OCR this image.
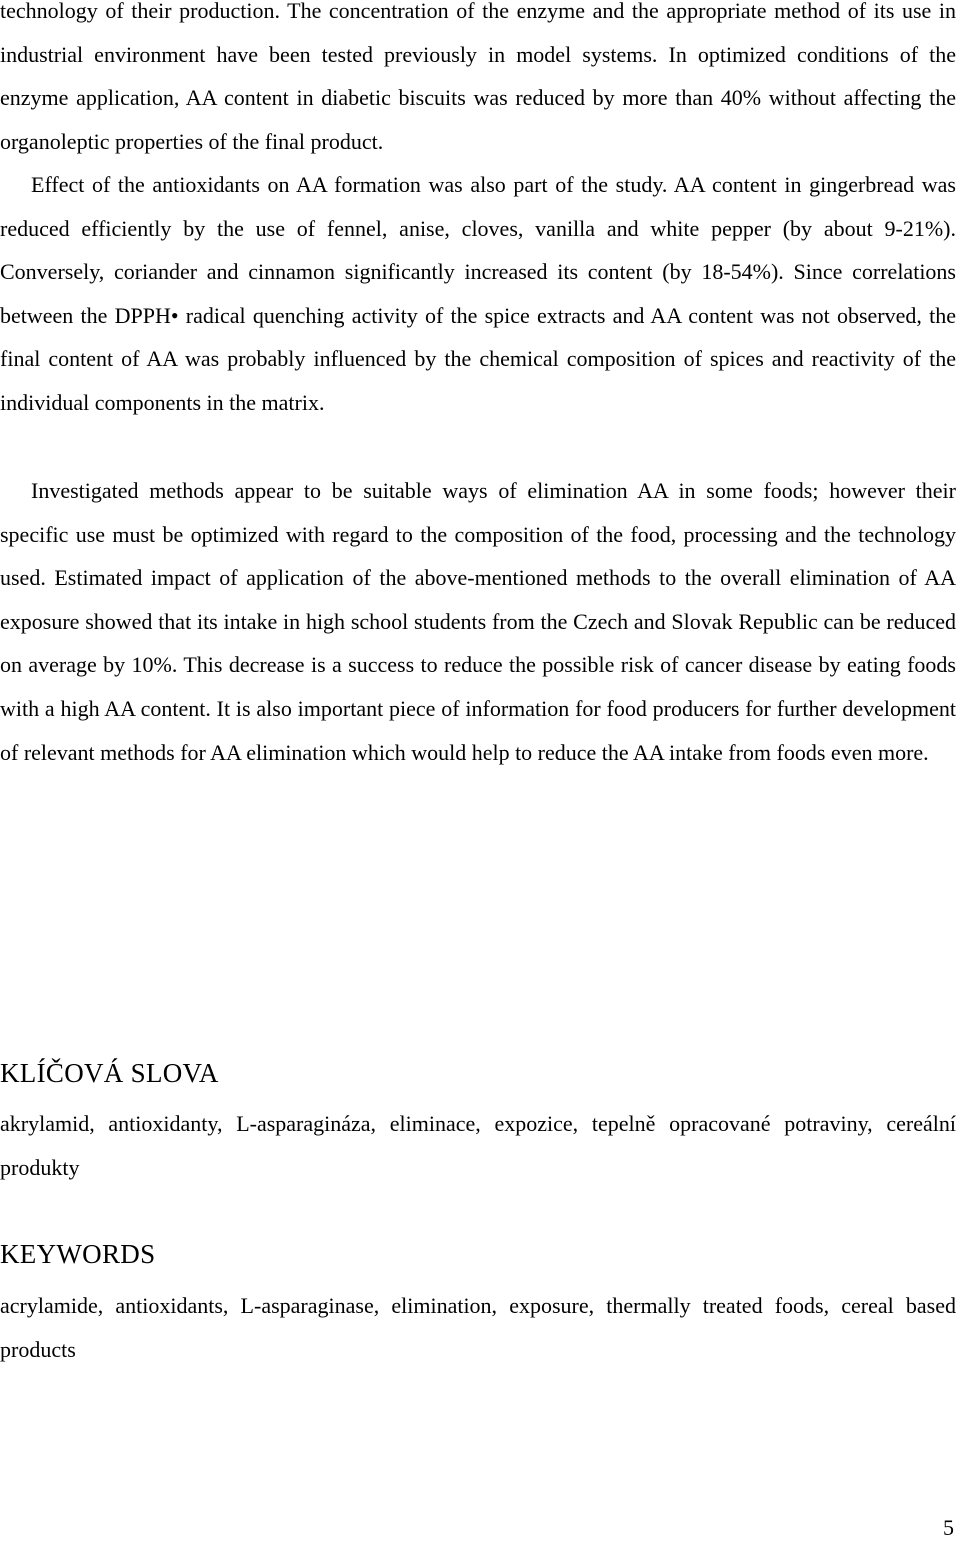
technology of their production. The concentration of the enzyme and the appropriate method of its use in industrial environment have been tested previously in model systems. In optimized conditions of the enzyme application, AA content in diabetic biscuits was reduced by more than 40% without affecting the organoleptic properties of the final product.

Effect of the antioxidants on AA formation was also part of the study. AA content in gingerbread was reduced efficiently by the use of fennel, anise, cloves, vanilla and white pepper (by about 9-21%). Conversely, coriander and cinnamon significantly increased its content (by 18-54%). Since correlations between the DPPH• radical quenching activity of the spice extracts and AA content was not observed, the final content of AA was probably influenced by the chemical composition of spices and reactivity of the individual components in the matrix.

Investigated methods appear to be suitable ways of elimination AA in some foods; however their specific use must be optimized with regard to the composition of the food, processing and the technology used. Estimated impact of application of the above-mentioned methods to the overall elimination of AA exposure showed that its intake in high school students from the Czech and Slovak Republic can be reduced on average by 10%. This decrease is a success to reduce the possible risk of cancer disease by eating foods with a high AA content. It is also important piece of information for food producers for further development of relevant methods for AA elimination which would help to reduce the AA intake from foods even more.

KLÍČOVÁ SLOVA

akrylamid, antioxidanty, L-asparagináza, eliminace, expozice, tepelně opracované potraviny, cereální produkty

KEYWORDS

acrylamide, antioxidants, L-asparaginase, elimination, exposure, thermally treated foods, cereal based products

5
